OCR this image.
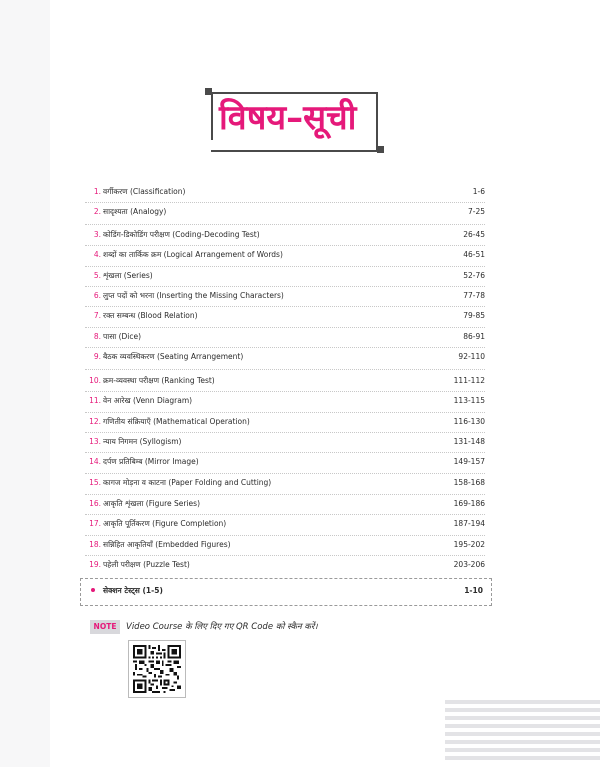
विषय–सूची
1. वर्गीकरण (Classification)	1-6
2. सादृश्यता (Analogy)	7-25
3. कोडिंग-डिकोडिंग परीक्षण (Coding-Decoding Test)	26-45
4. शब्दों का तार्किक क्रम (Logical Arrangement of Words)	46-51
5. शृंखला (Series)	52-76
6. लुप्त पदों को भरना (Inserting the Missing Characters)	77-78
7. रक्त सम्बन्ध (Blood Relation)	79-85
8. पासा (Dice)	86-91
9. बैठक व्यवस्थिकरण (Seating Arrangement)	92-110
10. क्रम-व्यवस्था परीक्षण (Ranking Test)	111-112
11. वेन आरेख (Venn Diagram)	113-115
12. गणितीय संक्रियाएँ (Mathematical Operation)	116-130
13. न्याय निगमन (Syllogism)	131-148
14. दर्पण प्रतिबिम्ब (Mirror Image)	149-157
15. कागज मोड़ना व काटना (Paper Folding and Cutting)	158-168
16. आकृति शृंखला (Figure Series)	169-186
17. आकृति पूर्तिकरण (Figure Completion)	187-194
18. सन्निहित आकृतियाँ (Embedded Figures)	195-202
19. पहेली परीक्षण (Puzzle Test)	203-206
सेक्शन टेस्ट्स (1-5)	1-10
NOTE	Video Course के लिए दिए गए QR Code को स्कैन करें।
